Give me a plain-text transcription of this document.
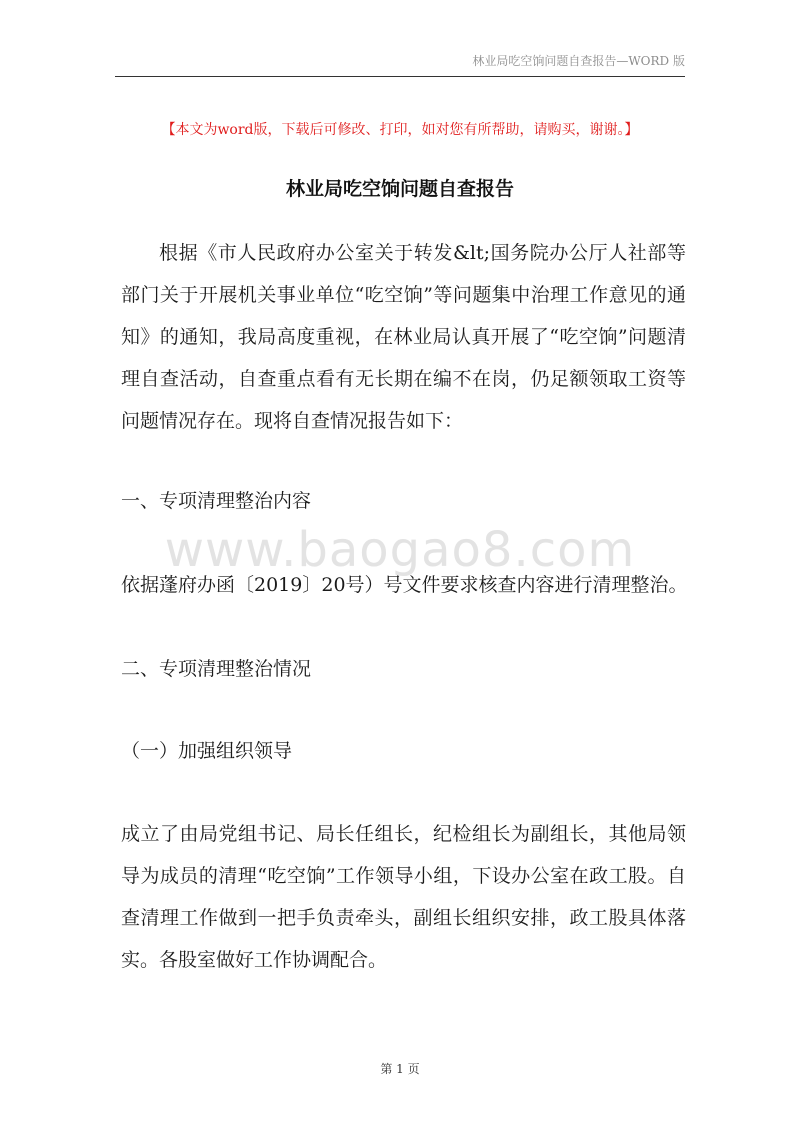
林业局吃空饷问题自查报告—WORD 版
【本文为word版，下载后可修改、打印，如对您有所帮助，请购买，谢谢。】
林业局吃空饷问题自查报告

根据《市人民政府办公室关于转发&lt;国务院办公厅人社部等部门关于开展机关事业单位“吃空饷”等问题集中治理工作意见的通知》的通知，我局高度重视，在林业局认真开展了“吃空饷”问题清理自查活动，自查重点看有无长期在编不在岗，仍足额领取工资等问题情况存在。现将自查情况报告如下：

一、专项清理整治内容
www.baogao8.com
依据蓬府办函〔2019〕20号）号文件要求核查内容进行清理整治。
二、专项清理整治情况
（一）加强组织领导

成立了由局党组书记、局长任组长，纪检组长为副组长，其他局领导为成员的清理“吃空饷”工作领导小组，下设办公室在政工股。自查清理工作做到一把手负责牵头，副组长组织安排，政工股具体落实。各股室做好工作协调配合。

第 1 页
